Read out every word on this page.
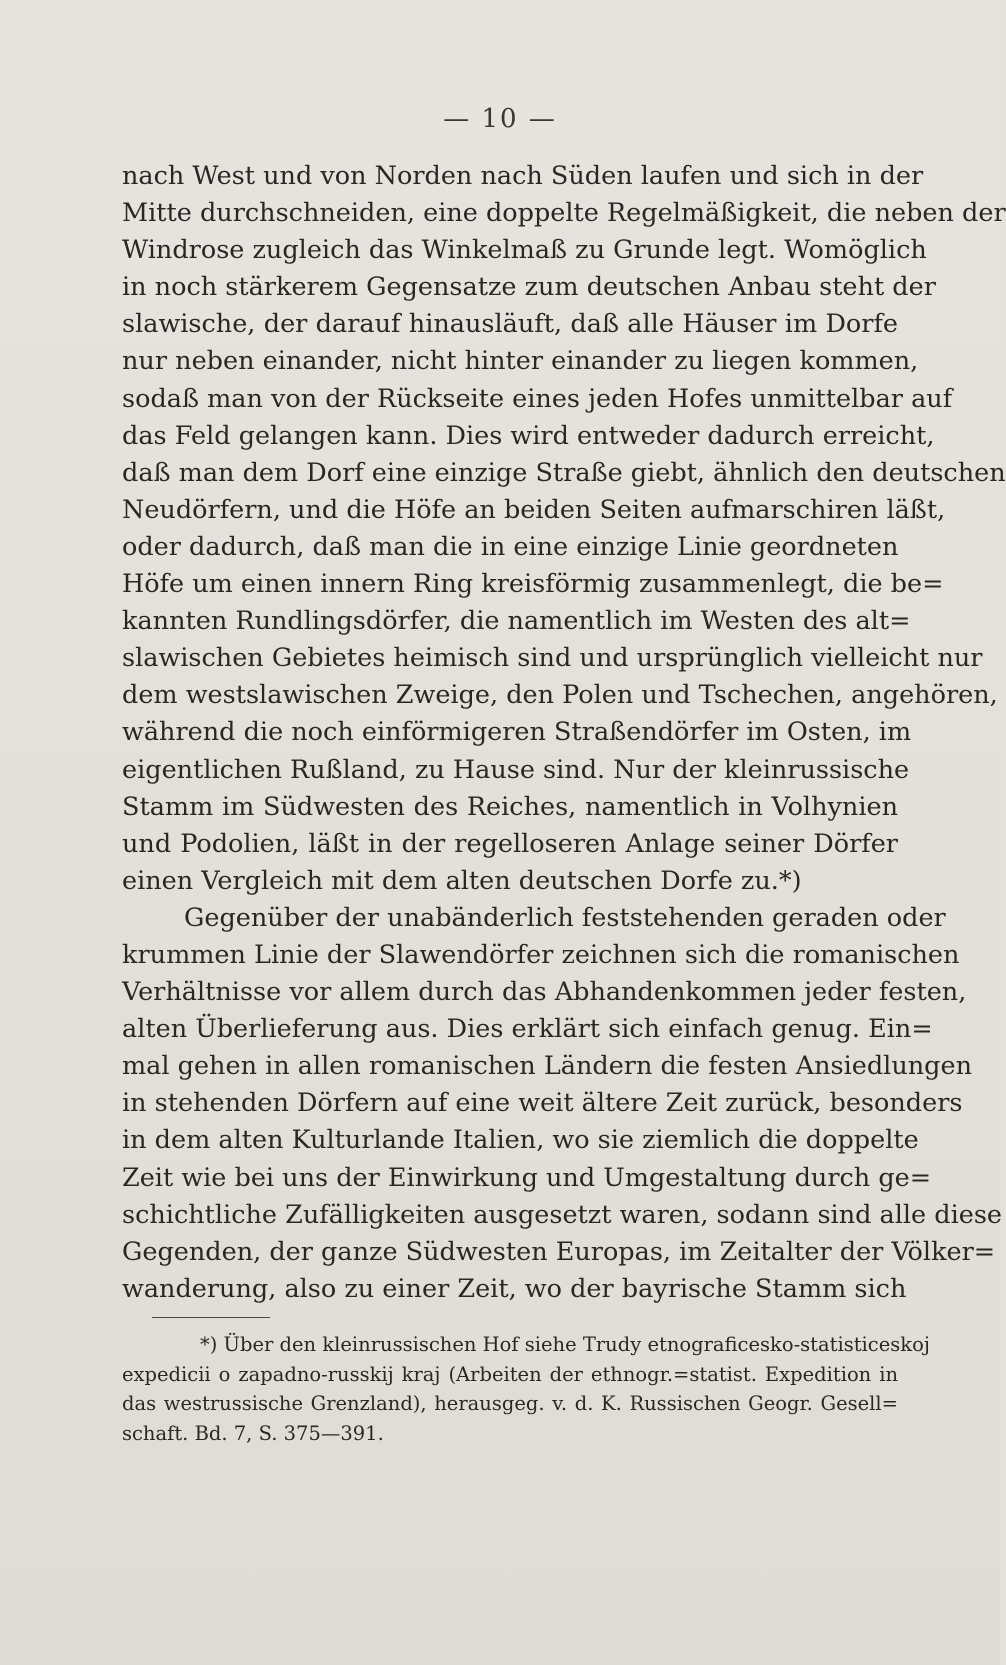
— 10 —
nach West und von Norden nach Süden laufen und sich in der
Mitte durchschneiden, eine doppelte Regelmäßigkeit, die neben der
Windrose zugleich das Winkelmaß zu Grunde legt. Womöglich
in noch stärkerem Gegensatze zum deutschen Anbau steht der
slawische, der darauf hinausläuft, daß alle Häuser im Dorfe
nur neben einander, nicht hinter einander zu liegen kommen,
sodaß man von der Rückseite eines jeden Hofes unmittelbar auf
das Feld gelangen kann. Dies wird entweder dadurch erreicht,
daß man dem Dorf eine einzige Straße giebt, ähnlich den deutschen
Neudörfern, und die Höfe an beiden Seiten aufmarschiren läßt,
oder dadurch, daß man die in eine einzige Linie geordneten
Höfe um einen innern Ring kreisförmig zusammenlegt, die be=
kannten Rundlingsdörfer, die namentlich im Westen des alt=
slawischen Gebietes heimisch sind und ursprünglich vielleicht nur
dem westslawischen Zweige, den Polen und Tschechen, angehören,
während die noch einförmigeren Straßendörfer im Osten, im
eigentlichen Rußland, zu Hause sind. Nur der kleinrussische
Stamm im Südwesten des Reiches, namentlich in Volhynien
und Podolien, läßt in der regelloseren Anlage seiner Dörfer
einen Vergleich mit dem alten deutschen Dorfe zu.*)
Gegenüber der unabänderlich feststehenden geraden oder
krummen Linie der Slawendörfer zeichnen sich die romanischen
Verhältnisse vor allem durch das Abhandenkommen jeder festen,
alten Überlieferung aus. Dies erklärt sich einfach genug. Ein=
mal gehen in allen romanischen Ländern die festen Ansiedlungen
in stehenden Dörfern auf eine weit ältere Zeit zurück, besonders
in dem alten Kulturlande Italien, wo sie ziemlich die doppelte
Zeit wie bei uns der Einwirkung und Umgestaltung durch ge=
schichtliche Zufälligkeiten ausgesetzt waren, sodann sind alle diese
Gegenden, der ganze Südwesten Europas, im Zeitalter der Völker=
wanderung, also zu einer Zeit, wo der bayrische Stamm sich
*) Über den kleinrussischen Hof siehe Trudy etnograficesko-statisticeskoj
expedicii o zapadno-russkij kraj (Arbeiten der ethnogr.=statist. Expedition in
das westrussische Grenzland), herausgeg. v. d. K. Russischen Geogr. Gesell=
schaft. Bd. 7, S. 375—391.
